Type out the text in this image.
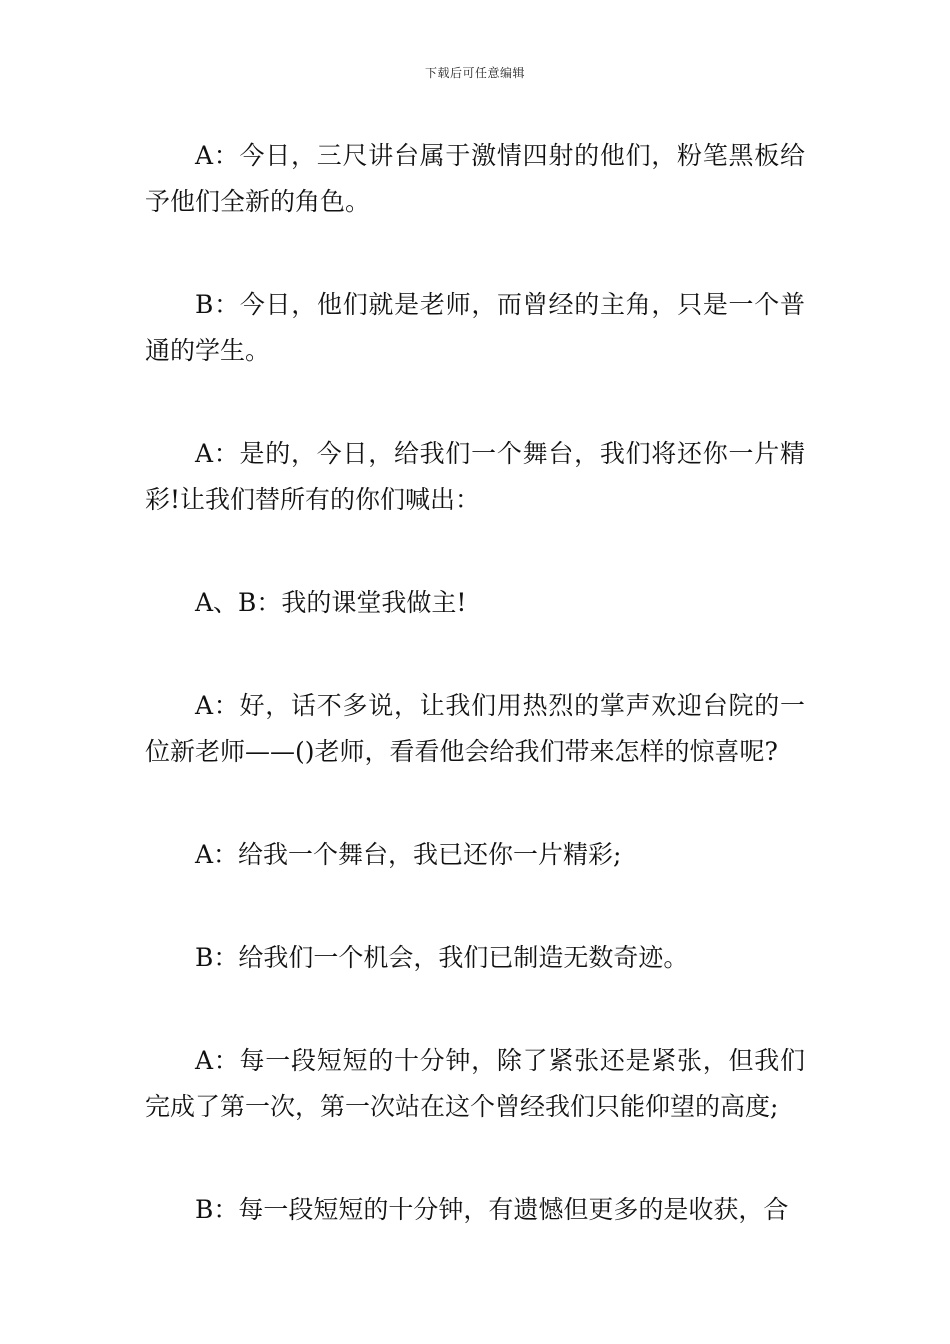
下载后可任意编辑

A：今日，三尺讲台属于激情四射的他们，粉笔黑板给予他们全新的角色。

B：今日，他们就是老师，而曾经的主角，只是一个普通的学生。

A：是的，今日，给我们一个舞台，我们将还你一片精彩!让我们替所有的你们喊出：

A、B：我的课堂我做主!

A：好，话不多说，让我们用热烈的掌声欢迎台院的一位新老师——()老师，看看他会给我们带来怎样的惊喜呢?

A：给我一个舞台，我已还你一片精彩;

B：给我们一个机会，我们已制造无数奇迹。

A：每一段短短的十分钟，除了紧张还是紧张，但我们完成了第一次，第一次站在这个曾经我们只能仰望的高度;

B：每一段短短的十分钟，有遗憾但更多的是收获，合
